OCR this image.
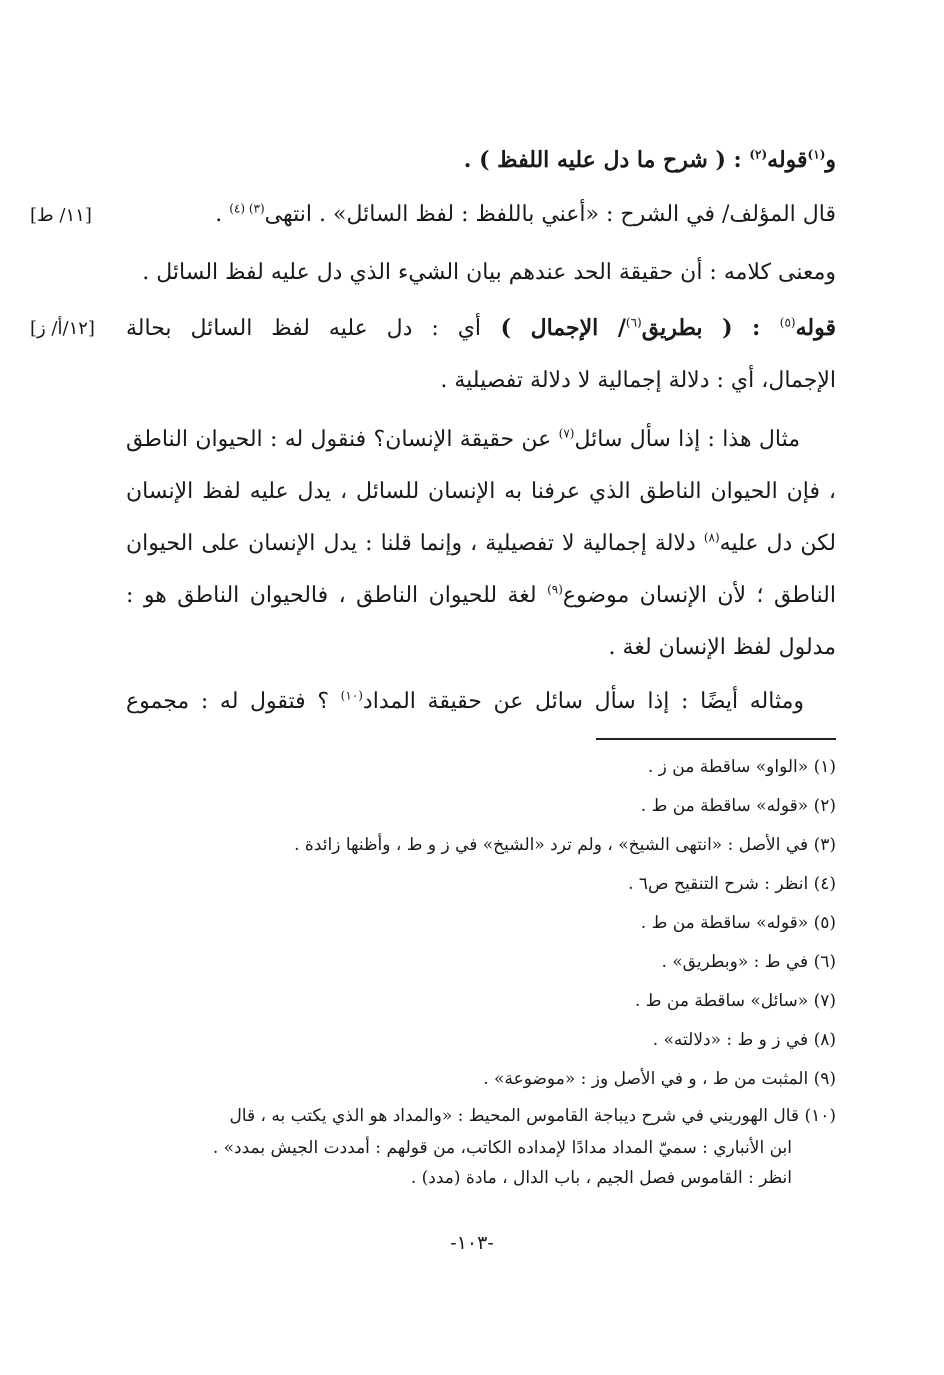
و$^{(١)}$قوله$^{(٢)}$ : ( شرح ما دل عليه اللفظ ) .
قال المؤلف/ في الشرح : «أعني باللفظ : لفظ السائل» . انتهى$^{(٣) (٤)}$ .
[١١/ ط]
ومعنى كلامه : أن حقيقة الحد عندهم بيان الشيء الذي دل عليه لفظ السائل .
قوله$^{(٥)}$ : ( بطريق$^{(٦)}$/ الإجمال ) أي : دل عليه لفظ السائل بحالة
[١٢/أ/ ز]
الإجمال، أي : دلالة إجمالية لا دلالة تفصيلية .
مثال هذا : إذا سأل سائل$^{(٧)}$ عن حقيقة الإنسان؟ فنقول له : الحيوان الناطق ، فإن الحيوان الناطق الذي عرفنا به الإنسان للسائل ، يدل عليه لفظ الإنسان لكن دل عليه$^{(٨)}$ دلالة إجمالية لا تفصيلية ، وإنما قلنا : يدل الإنسان على الحيوان الناطق ؛ لأن الإنسان موضوع$^{(٩)}$ لغة للحيوان الناطق ، فالحيوان الناطق هو : مدلول لفظ الإنسان لغة .
ومثاله أيضًا : إذا سأل سائل عن حقيقة المداد$^{(١٠)}$ ؟ فتقول له : مجموع
(١) «الواو» ساقطة من ز .
(٢) «قوله» ساقطة من ط .
(٣) في الأصل : «انتهى الشيخ» ، ولم ترد «الشيخ» في ز و ط ، وأظنها زائدة .
(٤) انظر : شرح التنقيح ص٦ .
(٥) «قوله» ساقطة من ط .
(٦) في ط : «وبطريق» .
(٧) «سائل» ساقطة من ط .
(٨) في ز و ط : «دلالته» .
(٩) المثبت من ط ، و في الأصل وز : «موضوعة» .
(١٠) قال الهوريني في شرح ديباجة القاموس المحيط : «والمداد هو الذي يكتب به ، قال
ابن الأنباري : سميّ المداد مدادًا لإمداده الكاتب، من قولهم : أمددت الجيش بمدد» .
انظر : القاموس فصل الجيم ، باب الدال ، مادة (مدد) .
-١٠٣-
